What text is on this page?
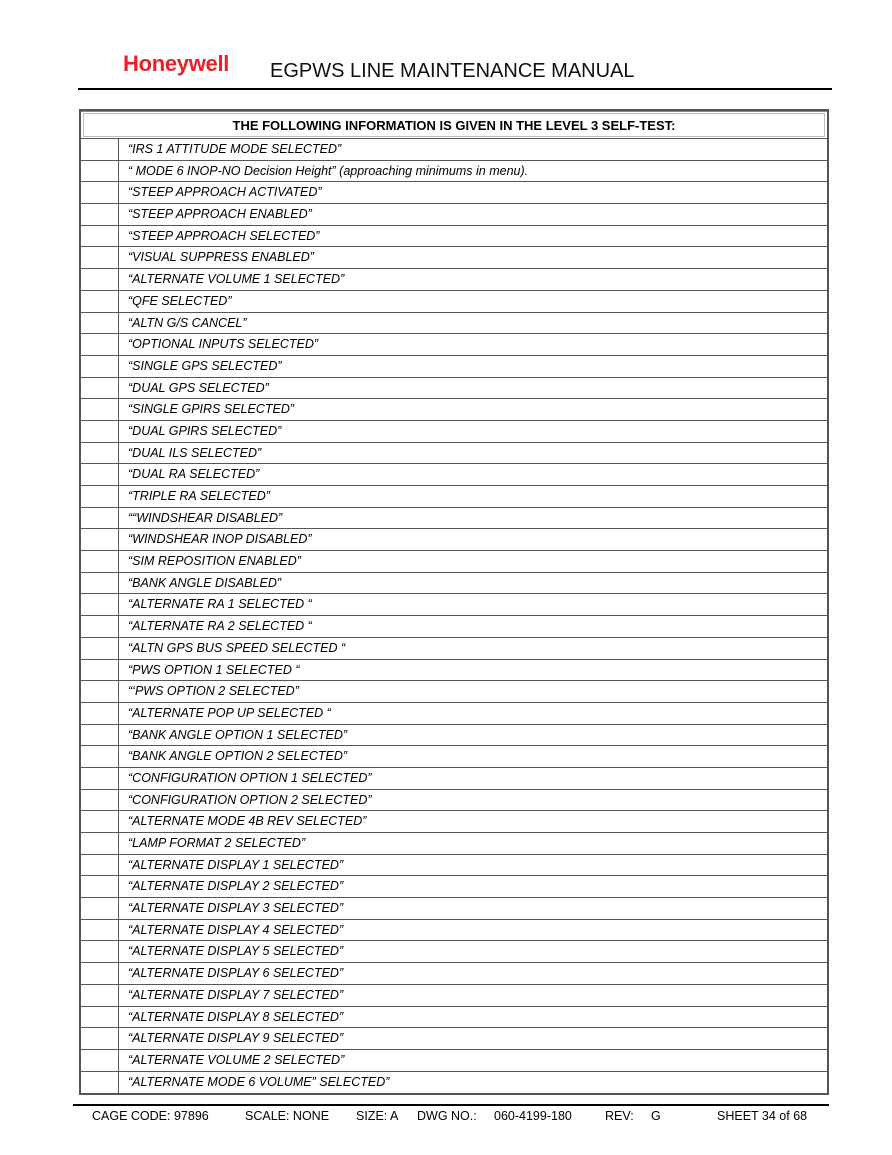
Honeywell EGPWS LINE MAINTENANCE MANUAL
THE FOLLOWING INFORMATION IS GIVEN IN THE LEVEL 3 SELF-TEST:
“IRS 1 ATTITUDE MODE SELECTED”
“ MODE 6 INOP-NO Decision Height” (approaching minimums in menu).
“STEEP APPROACH ACTIVATED”
“STEEP APPROACH ENABLED”
“STEEP APPROACH SELECTED”
“VISUAL SUPPRESS ENABLED”
“ALTERNATE VOLUME 1 SELECTED”
“QFE SELECTED”
“ALTN G/S CANCEL”
“OPTIONAL INPUTS SELECTED”
“SINGLE GPS SELECTED”
“DUAL GPS SELECTED”
“SINGLE GPIRS SELECTED”
“DUAL GPIRS SELECTED”
“DUAL ILS SELECTED”
“DUAL RA SELECTED”
“TRIPLE RA SELECTED”
““WINDSHEAR DISABLED”
“WINDSHEAR INOP DISABLED”
“SIM REPOSITION ENABLED”
“BANK ANGLE DISABLED”
“ALTERNATE RA 1 SELECTED “
“ALTERNATE RA 2 SELECTED “
“ALTN GPS BUS SPEED SELECTED “
“PWS OPTION 1 SELECTED “
“‘PWS OPTION 2 SELECTED”
“ALTERNATE POP UP SELECTED “
“BANK ANGLE OPTION 1 SELECTED”
“BANK ANGLE OPTION 2 SELECTED”
“CONFIGURATION OPTION 1 SELECTED”
“CONFIGURATION OPTION 2 SELECTED”
“ALTERNATE MODE 4B REV SELECTED”
“LAMP FORMAT 2 SELECTED”
“ALTERNATE DISPLAY 1 SELECTED”
“ALTERNATE DISPLAY 2 SELECTED”
“ALTERNATE DISPLAY 3 SELECTED”
“ALTERNATE DISPLAY 4 SELECTED”
“ALTERNATE DISPLAY 5 SELECTED”
“ALTERNATE DISPLAY 6 SELECTED”
“ALTERNATE DISPLAY 7 SELECTED”
“ALTERNATE DISPLAY 8 SELECTED”
“ALTERNATE DISPLAY 9 SELECTED”
“ALTERNATE VOLUME 2 SELECTED”
“ALTERNATE MODE 6 VOLUME” SELECTED”
CAGE CODE: 97896	SCALE: NONE SIZE: A DWG NO.: 060-4199-180	REV: G	SHEET 34 of 68
